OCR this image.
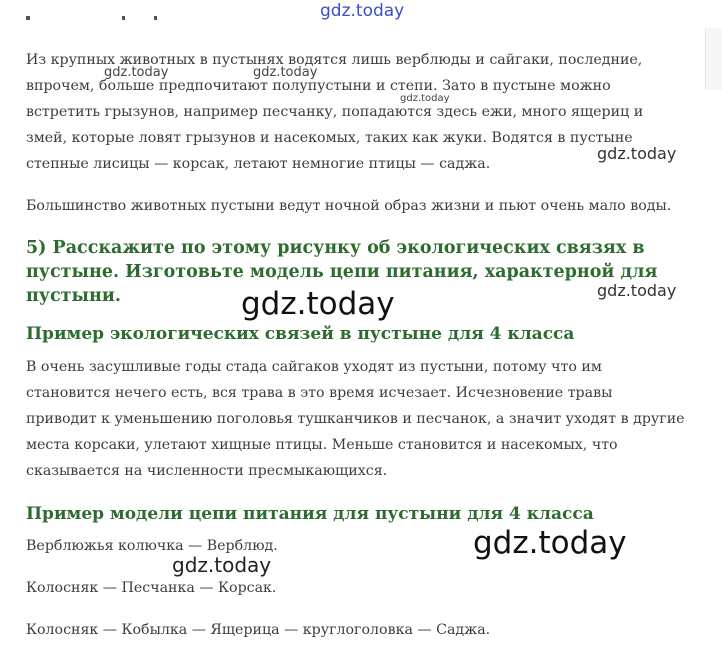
Из крупных животных в пустынях водятся лишь верблюды и сайгаки, последние, впрочем, больше предпочитают полупустыни и степи. Зато в пустыне можно встретить грызунов, например песчанку, попадаются здесь ежи, много ящериц и змей, которые ловят грызунов и насекомых, таких как жуки. Водятся в пустыне степные лисицы — корсак, летают немногие птицы — саджа.

Большинство животных пустыни ведут ночной образ жизни и пьют очень мало воды.

5) Расскажите по этому рисунку об экологических связях в пустыне. Изготовьте модель цепи питания, характерной для пустыни.
Пример экологических связей в пустыне для 4 класса

В очень засушливые годы стада сайгаков уходят из пустыни, потому что им становится нечего есть, вся трава в это время исчезает. Исчезновение травы приводит к уменьшению поголовья тушканчиков и песчанок, а значит уходят в другие места корсаки, улетают хищные птицы. Меньше становится и насекомых, что сказывается на численности пресмыкающихся.

Пример модели цепи питания для пустыни для 4 класса

Верблюжья колючка — Верблюд.

Колосняк — Песчанка — Корсак.

Колосняк — Кобылка — Ящерица — круглоголовка — Саджа.

gdz.today
gdz.today	gdz.today
gdz.today
gdz.today
gdz.today
gdz.today
gdz.today
gdz.today
